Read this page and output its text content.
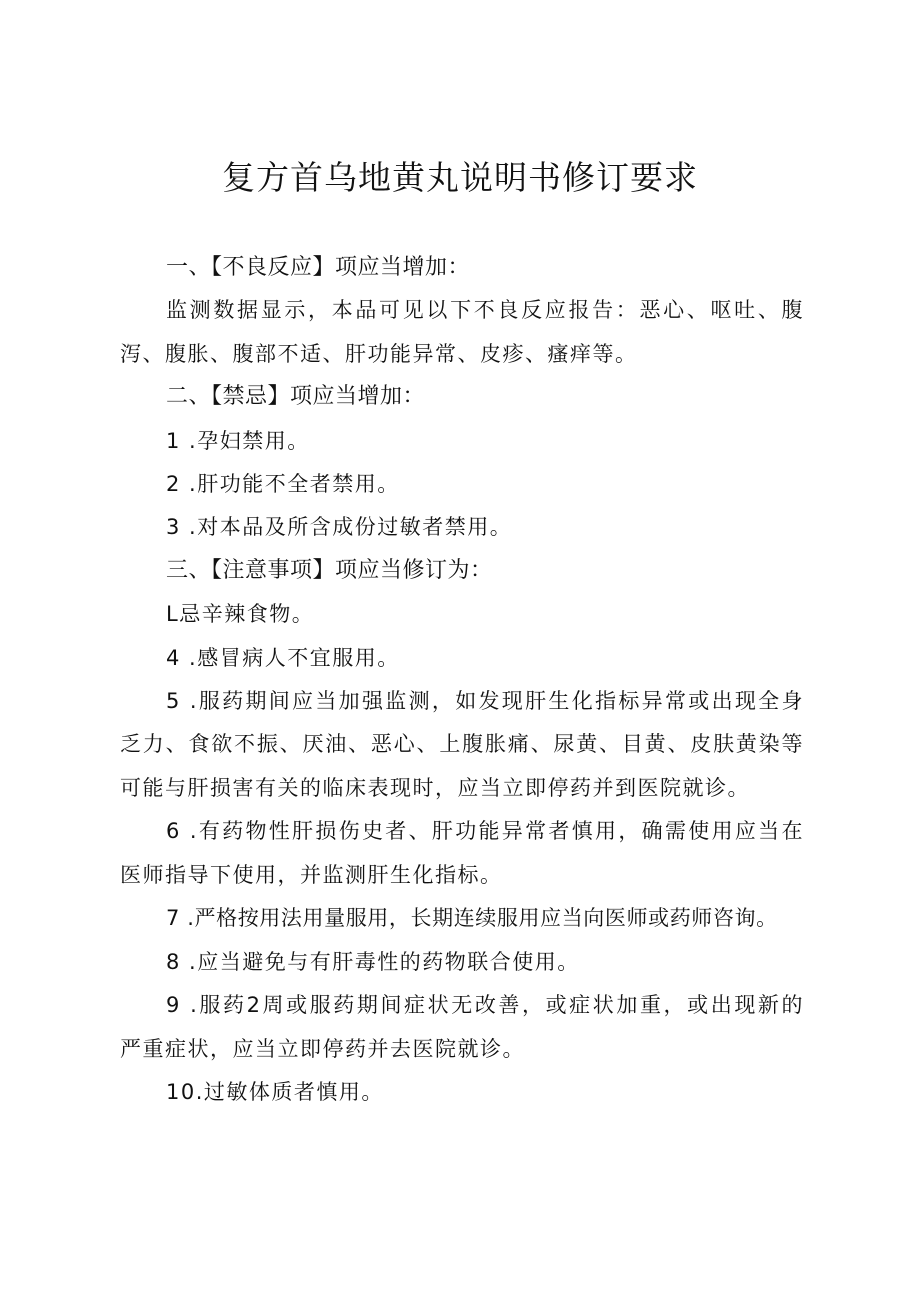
复方首乌地黄丸说明书修订要求
一、【不良反应】项应当增加：
监测数据显示，本品可见以下不良反应报告：恶心、呕吐、腹
泻、腹胀、腹部不适、肝功能异常、皮疹、瘙痒等。
二、【禁忌】项应当增加：
1 .孕妇禁用。
2 .肝功能不全者禁用。
3 .对本品及所含成份过敏者禁用。
三、【注意事项】项应当修订为：
L忌辛辣食物。
4 .感冒病人不宜服用。
5 .服药期间应当加强监测，如发现肝生化指标异常或出现全身
乏力、食欲不振、厌油、恶心、上腹胀痛、尿黄、目黄、皮肤黄染等
可能与肝损害有关的临床表现时，应当立即停药并到医院就诊。
6 .有药物性肝损伤史者、肝功能异常者慎用，确需使用应当在
医师指导下使用，并监测肝生化指标。
7 .严格按用法用量服用，长期连续服用应当向医师或药师咨询。
8 .应当避免与有肝毒性的药物联合使用。
9 .服药2周或服药期间症状无改善，或症状加重，或出现新的
严重症状，应当立即停药并去医院就诊。
10.过敏体质者慎用。
